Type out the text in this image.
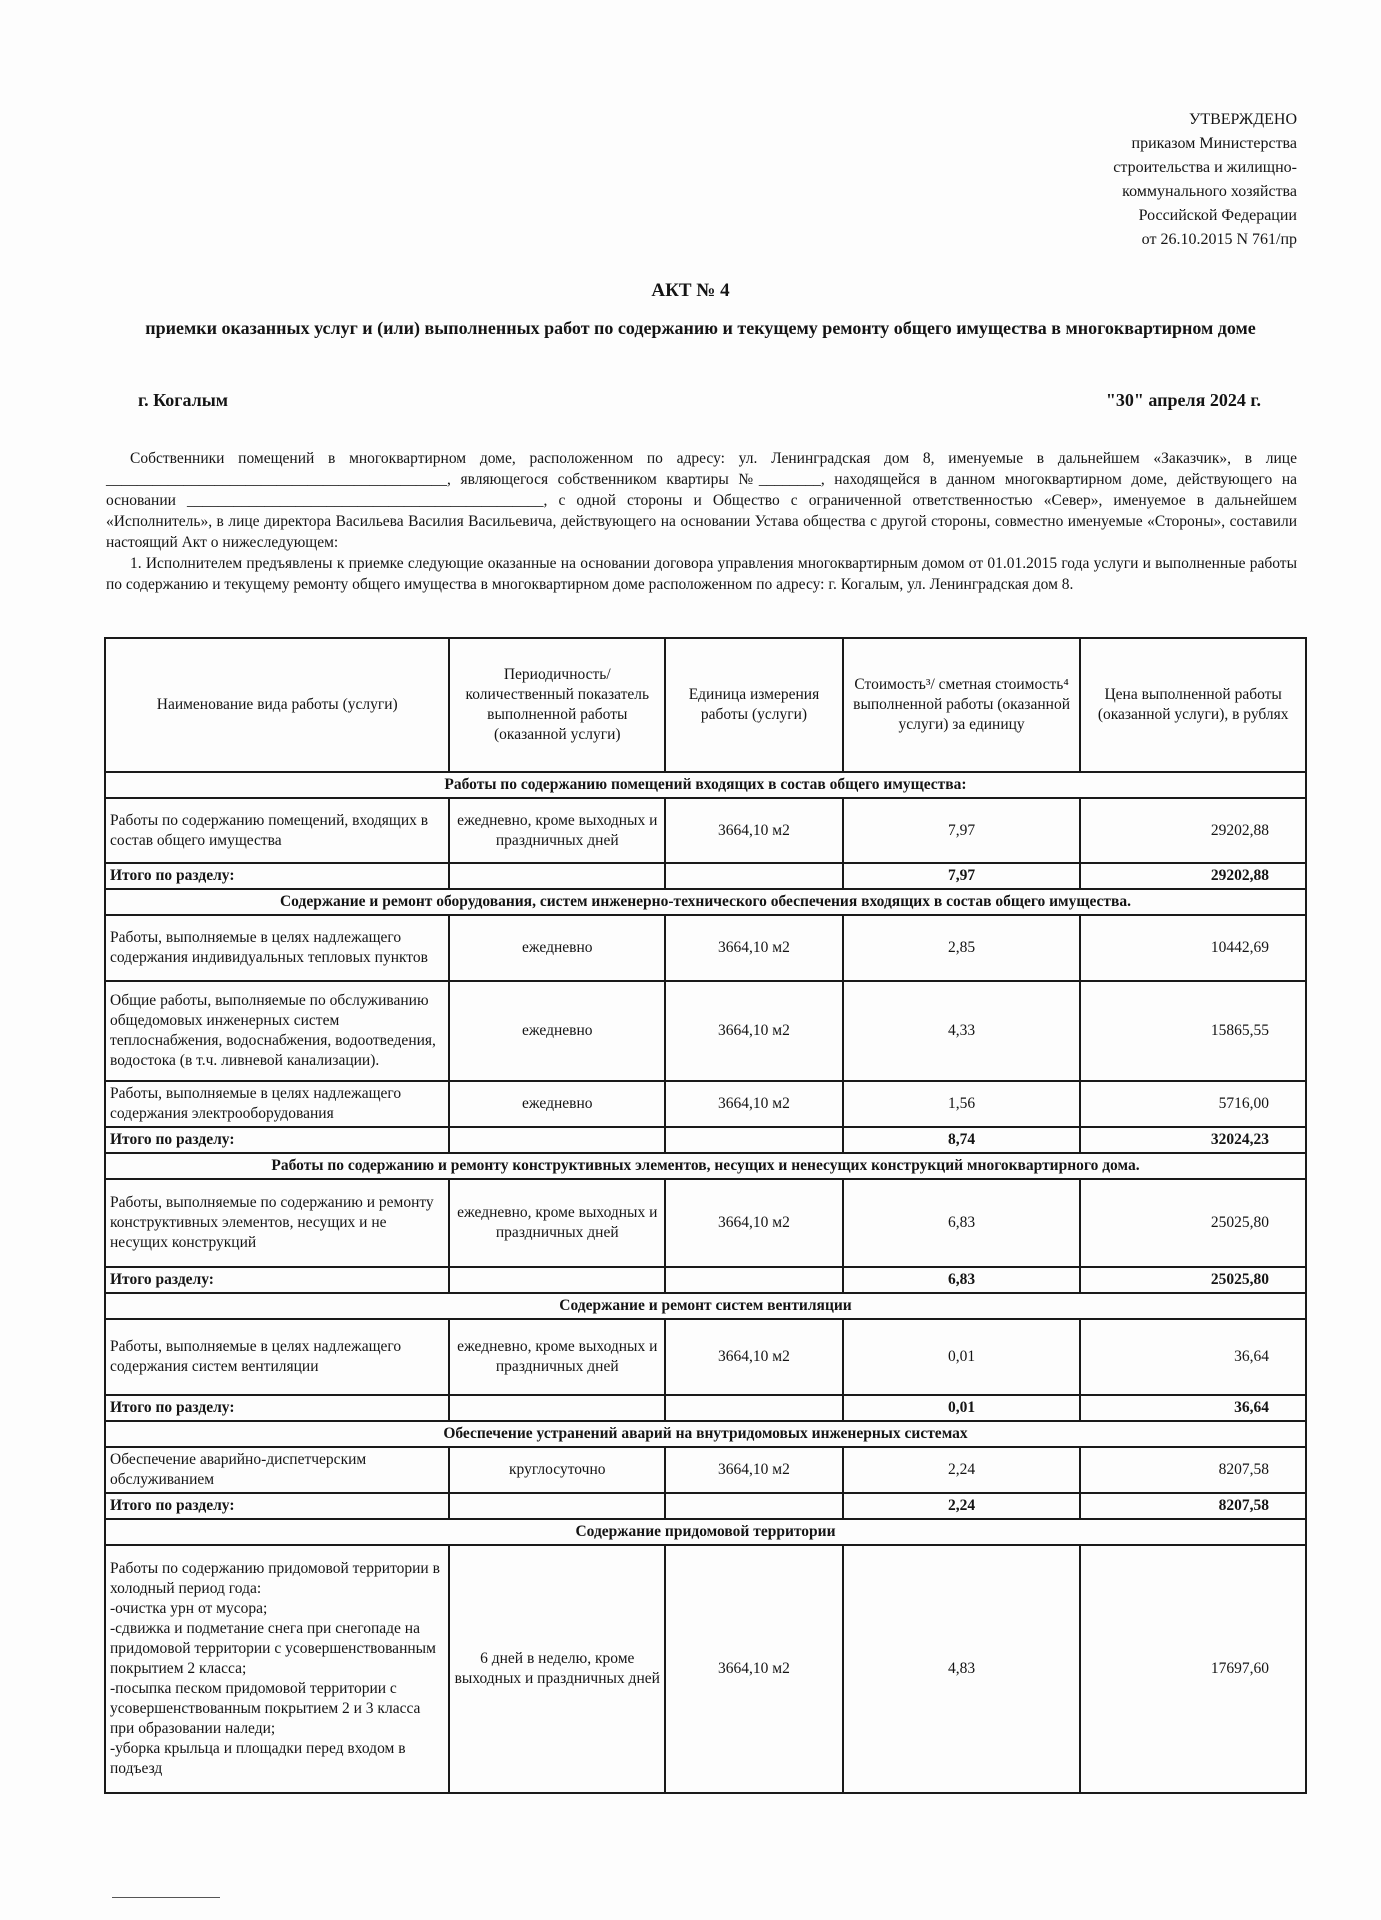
УТВЕРЖДЕНО
приказом Министерства
строительства и жилищно-
коммунального хозяйства
Российской Федерации
от 26.10.2015 N 761/пр
АКТ № 4
приемки оказанных услуг и (или) выполненных работ по содержанию и текущему ремонту общего имущества в многоквартирном доме
г. Когалым	"30" апреля 2024 г.

Собственники помещений в многоквартирном доме, расположенном по адресу: ул. Ленинградская дом 8, именуемые в дальнейшем «Заказчик», в лице ____________________________________________, являющегося собственником квартиры №________, находящейся в данном многоквартирном доме, действующего на основании ______________________________________________, с одной стороны и Общество с ограниченной ответственностью «Север», именуемое в дальнейшем «Исполнитель», в лице директора Васильева Василия Васильевича, действующего на основании Устава общества с другой стороны, совместно именуемые «Стороны», составили настоящий Акт о нижеследующем:

1. Исполнителем предъявлены к приемке следующие оказанные на основании договора управления многоквартирным домом от 01.01.2015 года услуги и выполненные работы по содержанию и текущему ремонту общего имущества в многоквартирном доме расположенном по адресу: г. Когалым, ул. Ленинградская дом 8.

Наименование вида работы (услуги)	Периодичность/ количественный показатель выполненной работы (оказанной услуги)	Единица измерения работы (услуги)	Стоимость³/ сметная стоимость⁴ выполненной работы (оказанной услуги) за единицу	Цена выполненной работы (оказанной услуги), в рублях
Работы по содержанию помещений входящих в состав общего имущества:				
Работы по содержанию помещений, входящих в состав общего имущества	ежедневно, кроме выходных и праздничных дней	3664,10 м2	7,97	29202,88
Итого по разделу:			7,97	29202,88
Содержание и ремонт оборудования, систем инженерно-технического обеспечения входящих в состав общего имущества.				
Работы, выполняемые в целях надлежащего содержания индивидуальных тепловых пунктов	ежедневно	3664,10 м2	2,85	10442,69
Общие работы, выполняемые по обслуживанию общедомовых инженерных систем теплоснабжения, водоснабжения, водоотведения, водостока (в т.ч. ливневой канализации).	ежедневно	3664,10 м2	4,33	15865,55
Работы, выполняемые в целях надлежащего содержания электрооборудования	ежедневно	3664,10 м2	1,56	5716,00
Итого по разделу:			8,74	32024,23
Работы по содержанию и ремонту конструктивных элементов, несущих и ненесущих конструкций многоквартирного дома.				
Работы, выполняемые по содержанию и ремонту конструктивных элементов, несущих и не несущих конструкций	ежедневно, кроме выходных и праздничных дней	3664,10 м2	6,83	25025,80
Итого разделу:			6,83	25025,80
Содержание и ремонт систем вентиляции				
Работы, выполняемые в целях надлежащего содержания систем вентиляции	ежедневно, кроме выходных и праздничных дней	3664,10 м2	0,01	36,64
Итого по разделу:			0,01	36,64
Обеспечение устранений аварий на внутридомовых инженерных системах				
Обеспечение аварийно-диспетчерским обслуживанием	круглосуточно	3664,10 м2	2,24	8207,58
Итого по разделу:			2,24	8207,58
Содержание придомовой территории				
Работы по содержанию придомовой территории в холодный период года:
-очистка урн от мусора;
-сдвижка и подметание снега при снегопаде на придомовой территории с усовершенствованным покрытием 2 класса;
-посыпка песком придомовой территории с усовершенствованным покрытием 2 и 3 класса при образовании наледи;
-уборка крыльца и площадки перед входом в подъезд	6 дней в неделю, кроме выходных и праздничных дней	3664,10 м2	4,83	17697,60
